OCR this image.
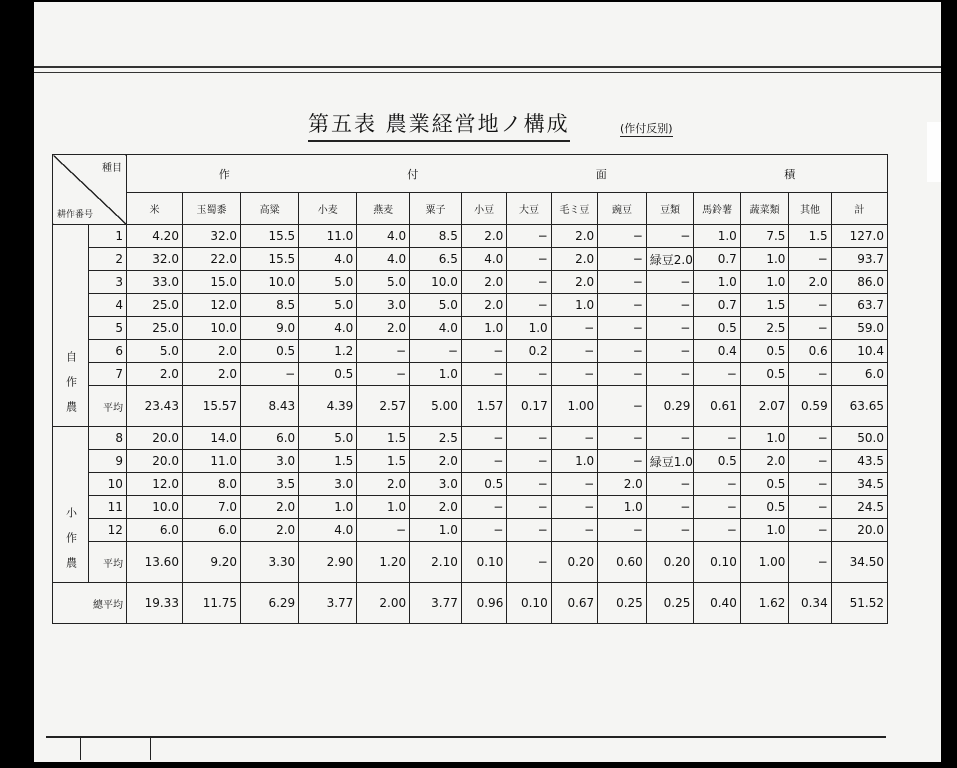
第五表 農業経営地ノ構成	(作付反别)
種目
耕作番号		作 付 面 積														

		米	玉蜀黍	高粱	小麦	燕麦	粟子	小豆	大豆	毛ミ豆	豌豆	豆類	馬鈴薯	蔬菜類	其他	計
自作農	1	4.20	32.0	15.5	11.0	4.0	8.5	2.0	−	2.0	−	−	1.0	7.5	1.5	127.0
	2	32.0	22.0	15.5	4.0	4.0	6.5	4.0	−	2.0	−	緑豆2.0	0.7	1.0	−	93.7
	3	33.0	15.0	10.0	5.0	5.0	10.0	2.0	−	2.0	−	−	1.0	1.0	2.0	86.0
	4	25.0	12.0	8.5	5.0	3.0	5.0	2.0	−	1.0	−	−	0.7	1.5	−	63.7
	5	25.0	10.0	9.0	4.0	2.0	4.0	1.0	1.0	−	−	−	0.5	2.5	−	59.0
	6	5.0	2.0	0.5	1.2	−	−	−	0.2	−	−	−	0.4	0.5	0.6	10.4
	7	2.0	2.0	−	0.5	−	1.0	−	−	−	−	−	−	0.5	−	6.0
	平均	23.43	15.57	8.43	4.39	2.57	5.00	1.57	0.17	1.00	−	0.29	0.61	2.07	0.59	63.65
小作農	8	20.0	14.0	6.0	5.0	1.5	2.5	−	−	−	−	−	−	1.0	−	50.0
	9	20.0	11.0	3.0	1.5	1.5	2.0	−	−	1.0	−	緑豆1.0	0.5	2.0	−	43.5
	10	12.0	8.0	3.5	3.0	2.0	3.0	0.5	−	−	2.0	−	−	0.5	−	34.5
	11	10.0	7.0	2.0	1.0	1.0	2.0	−	−	−	1.0	−	−	0.5	−	24.5
	12	6.0	6.0	2.0	4.0	−	1.0	−	−	−	−	−	−	1.0	−	20.0
	平均	13.60	9.20	3.30	2.90	1.20	2.10	0.10	−	0.20	0.60	0.20	0.10	1.00	−	34.50
總平均		19.33	11.75	6.29	3.77	2.00	3.77	0.96	0.10	0.67	0.25	0.25	0.40	1.62	0.34	51.52
